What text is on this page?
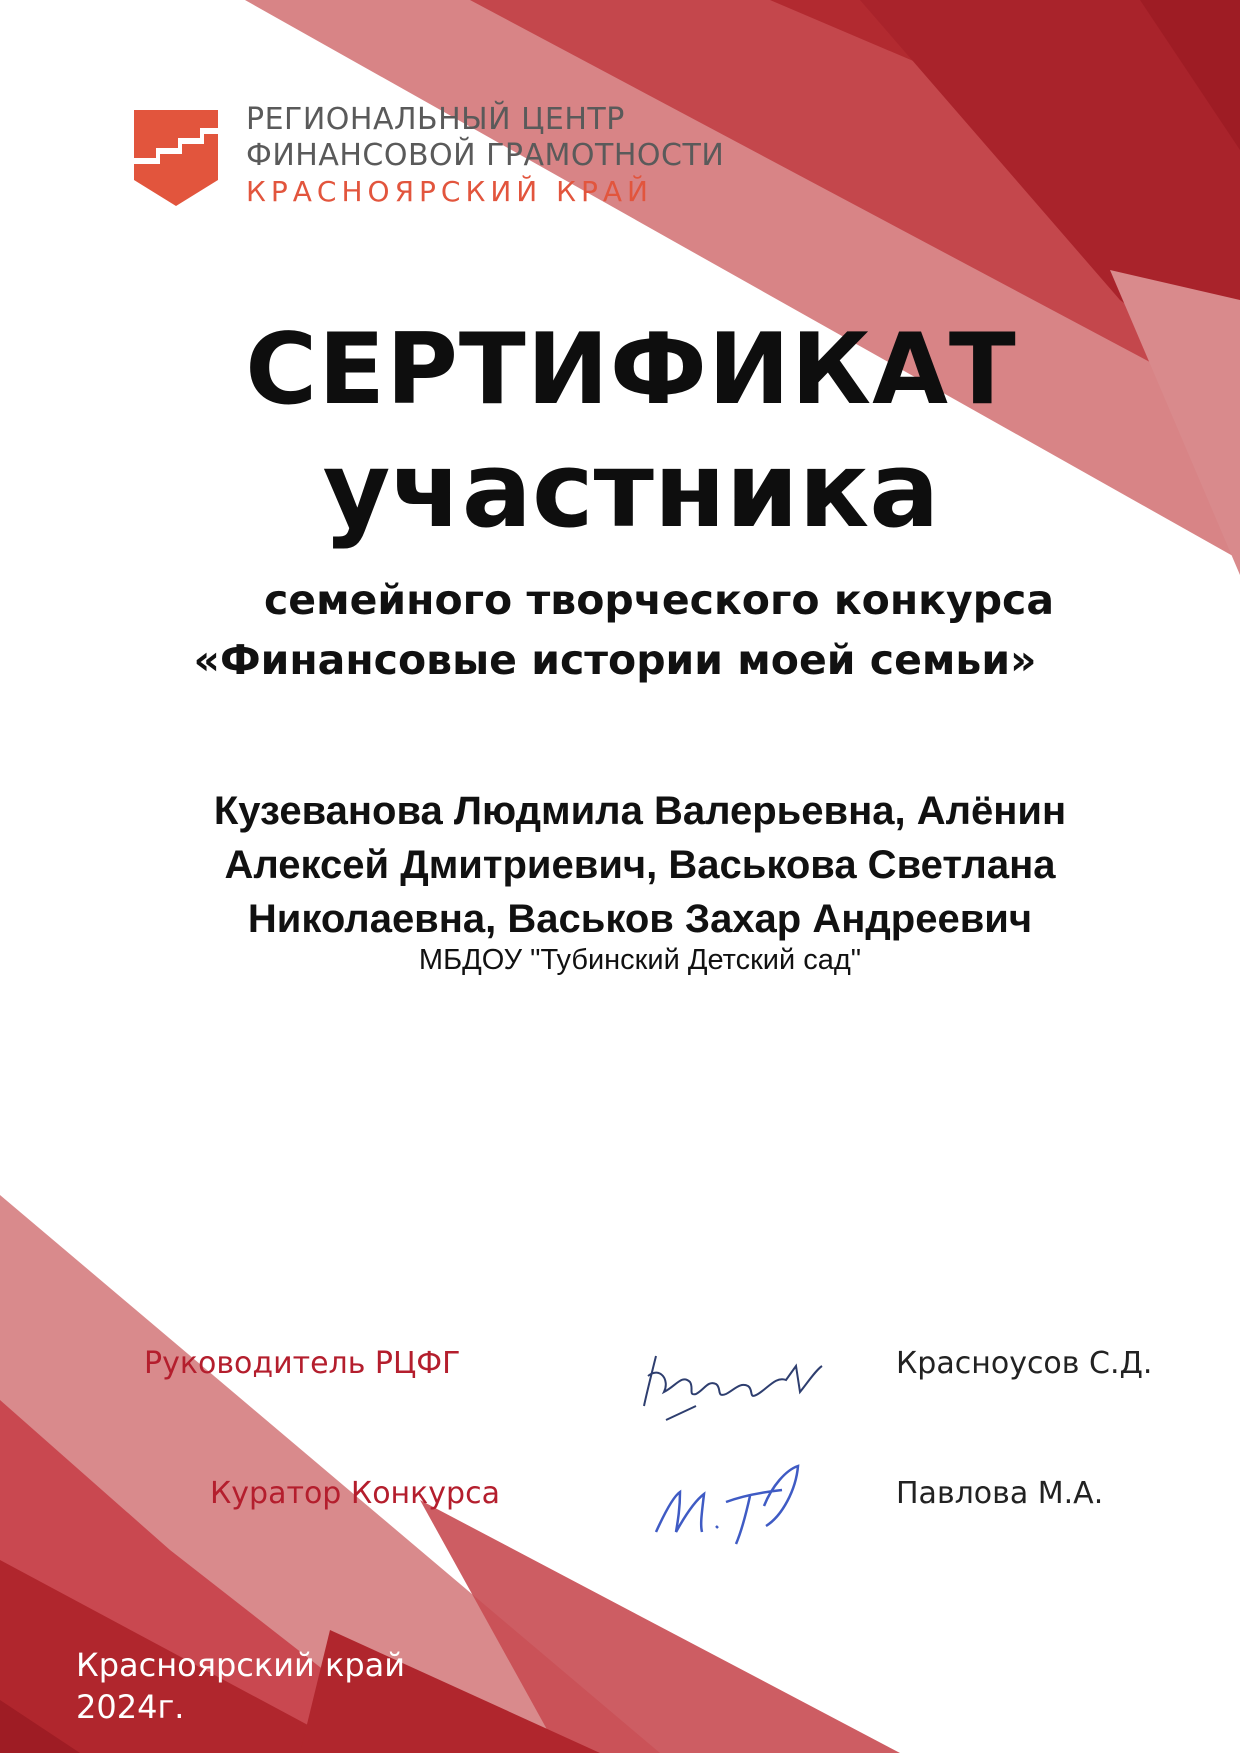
РЕГИОНАЛЬНЫЙ ЦЕНТР
ФИНАНСОВОЙ ГРАМОТНОСТИ
КРАСНОЯРСКИЙ КРАЙ
СЕРТИФИКАТ
участника
семейного творческого конкурса
«Финансовые истории моей семьи»
Кузеванова Людмила Валерьевна, Алёнин Алексей Дмитриевич, Васькова Светлана Николаевна, Васьков Захар Андреевич
МБДОУ "Тубинский Детский сад"
Руководитель РЦФГ	Красноусов С.Д.
Куратор Конкурса	Павлова М.А.
Красноярский край
2024г.
